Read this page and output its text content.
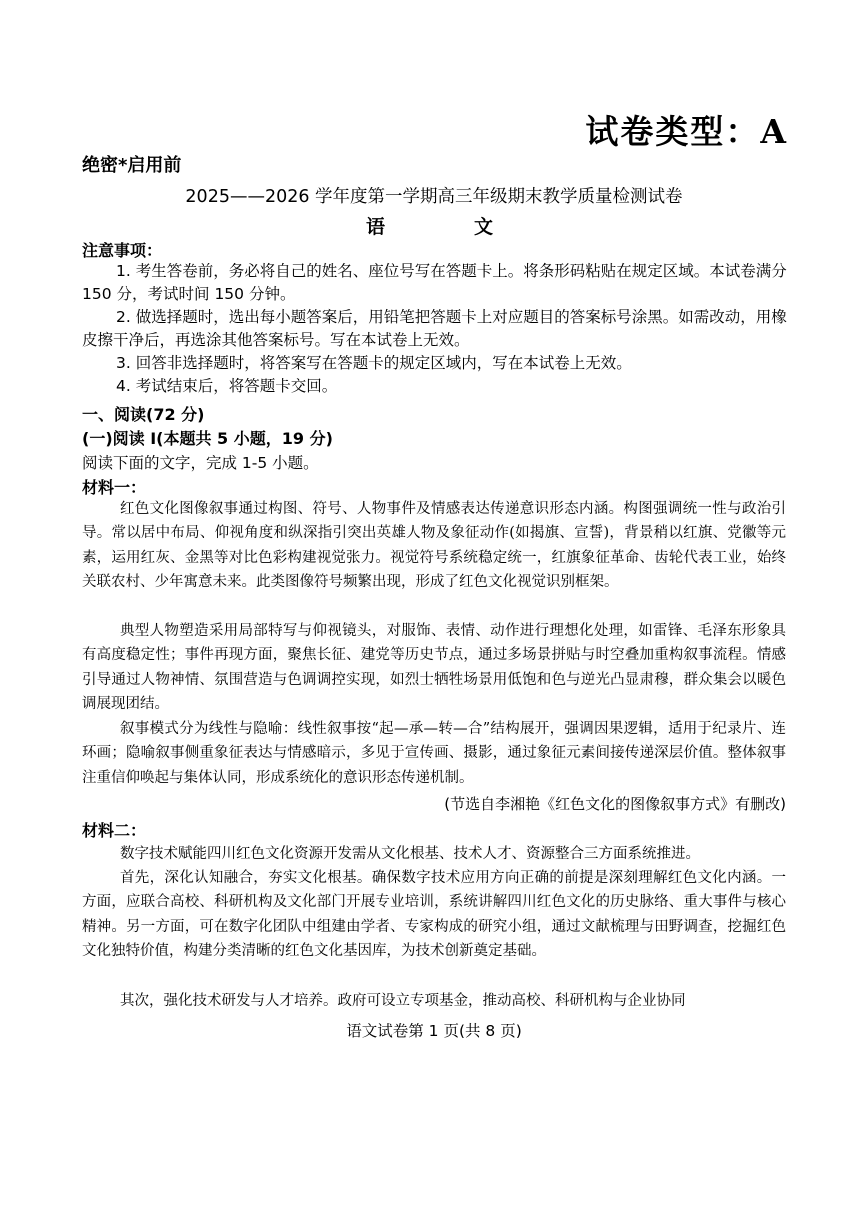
试卷类型：A
绝密*启用前
2025——2026 学年度第一学期高三年级期末教学质量检测试卷
语	文
注意事项：
1. 考生答卷前，务必将自己的姓名、座位号写在答题卡上。将条形码粘贴在规定区域。本试卷满分 150 分，考试时间 150 分钟。
2. 做选择题时，选出每小题答案后，用铅笔把答题卡上对应题目的答案标号涂黑。如需改动，用橡皮擦干净后，再选涂其他答案标号。写在本试卷上无效。
3. 回答非选择题时，将答案写在答题卡的规定区域内，写在本试卷上无效。
4. 考试结束后，将答题卡交回。
一、阅读(72 分)
(一)阅读 I(本题共 5 小题，19 分)
阅读下面的文字，完成 1-5 小题。
材料一：
红色文化图像叙事通过构图、符号、人物事件及情感表达传递意识形态内涵。构图强调统一性与政治引导。常以居中布局、仰视角度和纵深指引突出英雄人物及象征动作(如揭旗、宣誓)，背景稍以红旗、党徽等元素，运用红灰、金黑等对比色彩构建视觉张力。视觉符号系统稳定统一，红旗象征革命、齿轮代表工业，始终关联农村、少年寓意未来。此类图像符号频繁出现，形成了红色文化视觉识别框架。
典型人物塑造采用局部特写与仰视镜头，对服饰、表情、动作进行理想化处理，如雷锋、毛泽东形象具有高度稳定性；事件再现方面，聚焦长征、建党等历史节点，通过多场景拼贴与时空叠加重构叙事流程。情感引导通过人物神情、氛围营造与色调调控实现，如烈士牺牲场景用低饱和色与逆光凸显肃穆，群众集会以暖色调展现团结。
叙事模式分为线性与隐喻：线性叙事按“起—承—转—合”结构展开，强调因果逻辑，适用于纪录片、连环画；隐喻叙事侧重象征表达与情感暗示，多见于宣传画、摄影，通过象征元素间接传递深层价值。整体叙事注重信仰唤起与集体认同，形成系统化的意识形态传递机制。
(节选自李湘艳《红色文化的图像叙事方式》有删改)
材料二：
数字技术赋能四川红色文化资源开发需从文化根基、技术人才、资源整合三方面系统推进。
首先，深化认知融合，夯实文化根基。确保数字技术应用方向正确的前提是深刻理解红色文化内涵。一方面，应联合高校、科研机构及文化部门开展专业培训，系统讲解四川红色文化的历史脉络、重大事件与核心精神。另一方面，可在数字化团队中组建由学者、专家构成的研究小组，通过文献梳理与田野调查，挖掘红色文化独特价值，构建分类清晰的红色文化基因库，为技术创新奠定基础。
其次，强化技术研发与人才培养。政府可设立专项基金，推动高校、科研机构与企业协同
语文试卷第 1 页(共 8 页)
